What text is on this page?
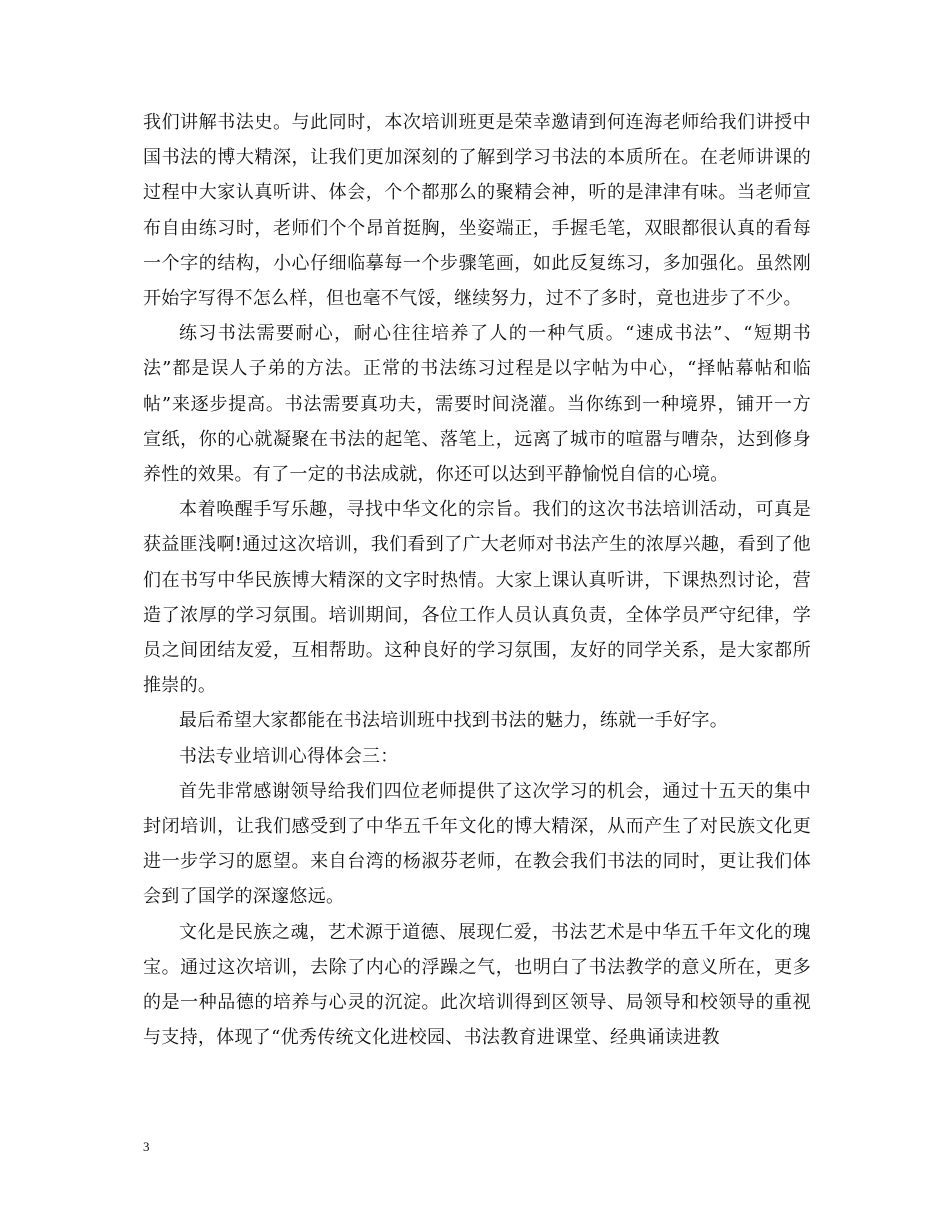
我们讲解书法史。与此同时，本次培训班更是荣幸邀请到何连海老师给我们讲授中国书法的博大精深，让我们更加深刻的了解到学习书法的本质所在。在老师讲课的过程中大家认真听讲、体会，个个都那么的聚精会神，听的是津津有味。当老师宣布自由练习时，老师们个个昂首挺胸，坐姿端正，手握毛笔，双眼都很认真的看每一个字的结构，小心仔细临摹每一个步骤笔画，如此反复练习，多加强化。虽然刚开始字写得不怎么样，但也毫不气馁，继续努力，过不了多时，竟也进步了不少。

练习书法需要耐心，耐心往往培养了人的一种气质。“速成书法”、“短期书法”都是误人子弟的方法。正常的书法练习过程是以字帖为中心，“择帖幕帖和临帖”来逐步提高。书法需要真功夫，需要时间浇灌。当你练到一种境界，铺开一方宣纸，你的心就凝聚在书法的起笔、落笔上，远离了城市的喧嚣与嘈杂，达到修身养性的效果。有了一定的书法成就，你还可以达到平静愉悦自信的心境。

本着唤醒手写乐趣，寻找中华文化的宗旨。我们的这次书法培训活动，可真是获益匪浅啊!通过这次培训，我们看到了广大老师对书法产生的浓厚兴趣，看到了他们在书写中华民族博大精深的文字时热情。大家上课认真听讲，下课热烈讨论，营造了浓厚的学习氛围。培训期间，各位工作人员认真负责，全体学员严守纪律，学员之间团结友爱，互相帮助。这种良好的学习氛围，友好的同学关系，是大家都所推崇的。

最后希望大家都能在书法培训班中找到书法的魅力，练就一手好字。

书法专业培训心得体会三：

首先非常感谢领导给我们四位老师提供了这次学习的机会，通过十五天的集中封闭培训，让我们感受到了中华五千年文化的博大精深，从而产生了对民族文化更进一步学习的愿望。来自台湾的杨淑芬老师，在教会我们书法的同时，更让我们体会到了国学的深邃悠远。

文化是民族之魂，艺术源于道德、展现仁爱，书法艺术是中华五千年文化的瑰宝。通过这次培训，去除了内心的浮躁之气，也明白了书法教学的意义所在，更多的是一种品德的培养与心灵的沉淀。此次培训得到区领导、局领导和校领导的重视与支持，体现了“优秀传统文化进校园、书法教育进课堂、经典诵读进教

3
